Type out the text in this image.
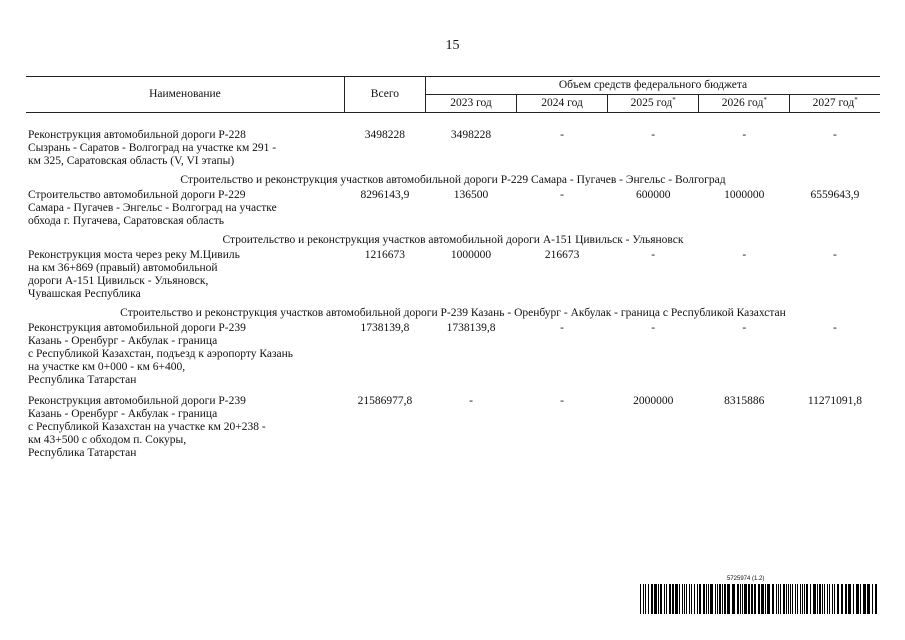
15
Наименование	Всего	Объем средств федерального бюджета				
		2023 год	2024 год	2025 год*	2026 год*	2027 год*

Реконструкция автомобильной дороги Р-228
Сызрань - Саратов - Волгоград на участке км 291 -
км 325, Саратовская область (V, VI этапы)	3498228	3498228	-	-	-	-
Строительство и реконструкция участков автомобильной дороги Р-229 Самара - Пугачев - Энгельс - Волгоград						

Строительство автомобильной дороги Р-229
Самара - Пугачев - Энгельс - Волгоград на участке
обхода г. Пугачева, Саратовская область	8296143,9	136500	-	600000	1000000	6559643,9
Строительство и реконструкция участков автомобильной дороги А-151 Цивильск - Ульяновск						

Реконструкция моста через реку М.Цивиль
на км 36+869 (правый) автомобильной
дороги А-151 Цивильск - Ульяновск,
Чувашская Республика	1216673	1000000	216673	-	-	-
Строительство и реконструкция участков автомобильной дороги Р-239 Казань - Оренбург - Акбулак - граница с Республикой Казахстан						

Реконструкция автомобильной дороги Р-239
Казань - Оренбург - Акбулак - граница
с Республикой Казахстан, подъезд к аэропорту Казань
на участке км 0+000 - км 6+400,
Республика Татарстан	1738139,8	1738139,8	-	-	-	-

Реконструкция автомобильной дороги Р-239
Казань - Оренбург - Акбулак - граница
с Республикой Казахстан на участке км 20+238 -
км 43+500 с обходом п. Сокуры,
Республика Татарстан	21586977,8	-	-	2000000	8315886	11271091,8
5725974 (1.2)
